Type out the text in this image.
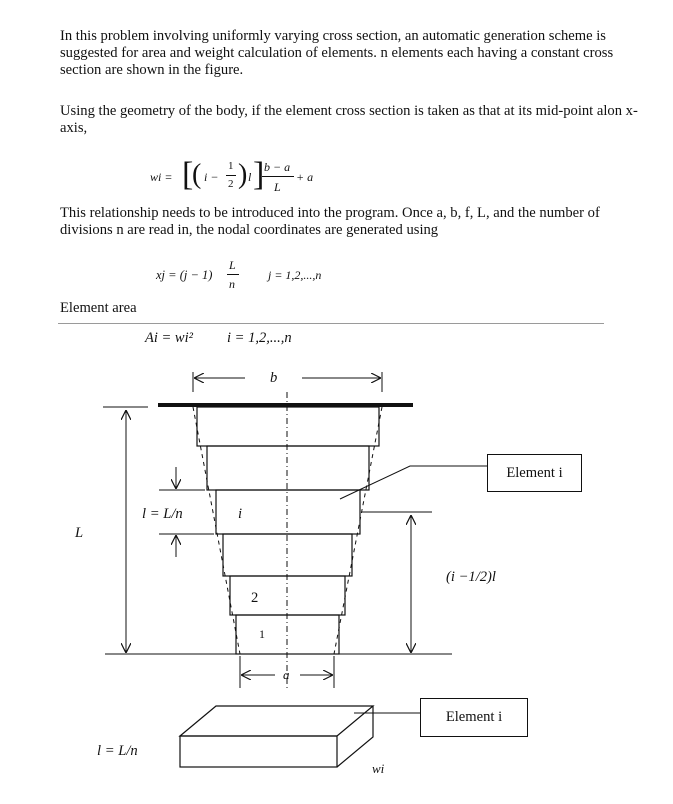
In this problem involving uniformly varying cross section, an automatic generation scheme is suggested for area and weight calculation of elements. n elements each having a constant cross section are shown in the figure.
Using the geometry of the body, if the element cross section is taken as that at its mid-point alon x-axis,
wi = [
( i −
1
2 ) l ] b − a
L
+ a
This relationship needs to be introduced into the program. Once a, b, f, L, and the number of divisions n are read in, the nodal coordinates are generated using
xj = (j − 1)
L
n
j = 1,2,...,n
Element area
Ai = wi² i = 1,2,...,n
b
a
L
l = L/n	i
2
1
(i −1/2)l
Element i
Element i
l = L/n
wi
